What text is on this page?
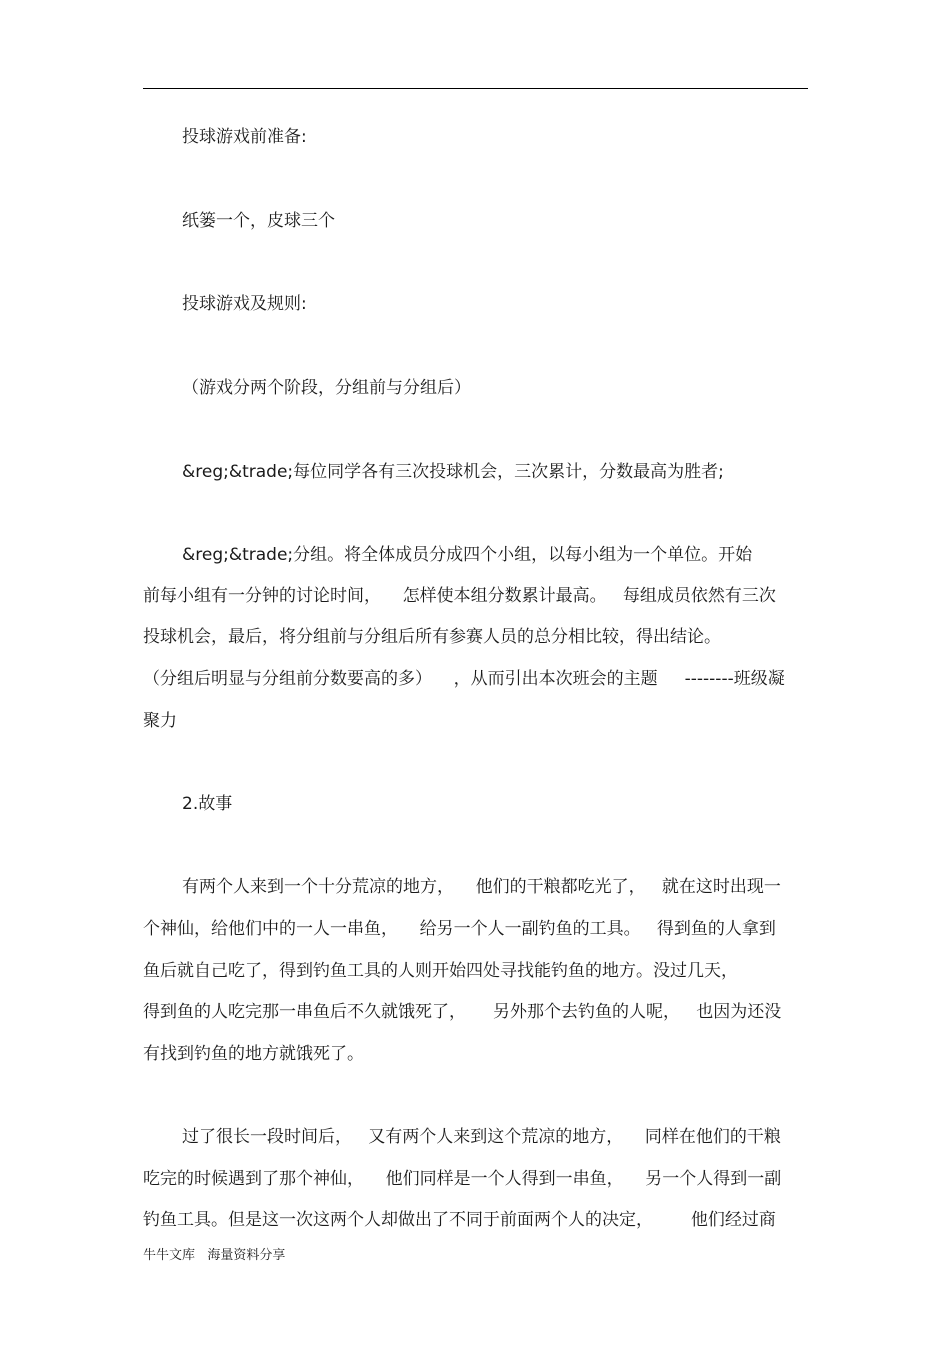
投球游戏前准备:
纸篓一个，皮球三个
投球游戏及规则:
（游戏分两个阶段，分组前与分组后）
&reg;&trade;每位同学各有三次投球机会，三次累计，分数最高为胜者;
&reg;&trade;分组。将全体成员分成四个小组，以每小组为一个单位。开始
前每小组有一分钟的讨论时间，    怎样使本组分数累计最高。   每组成员依然有三次
投球机会，最后，将分组前与分组后所有参赛人员的总分相比较，得出结论。
（分组后明显与分组前分数要高的多）    ，从而引出本次班会的主题     --------班级凝
聚力
2.故事
有两个人来到一个十分荒凉的地方，    他们的干粮都吃光了，   就在这时出现一
个神仙，给他们中的一人一串鱼，    给另一个人一副钓鱼的工具。   得到鱼的人拿到
鱼后就自己吃了，得到钓鱼工具的人则开始四处寻找能钓鱼的地方。没过几天，
得到鱼的人吃完那一串鱼后不久就饿死了，     另外那个去钓鱼的人呢，   也因为还没
有找到钓鱼的地方就饿死了。
过了很长一段时间后，   又有两个人来到这个荒凉的地方，    同样在他们的干粮
吃完的时候遇到了那个神仙，    他们同样是一个人得到一串鱼，    另一个人得到一副
钓鱼工具。但是这一次这两个人却做出了不同于前面两个人的决定，       他们经过商
牛牛文库   海量资料分享
